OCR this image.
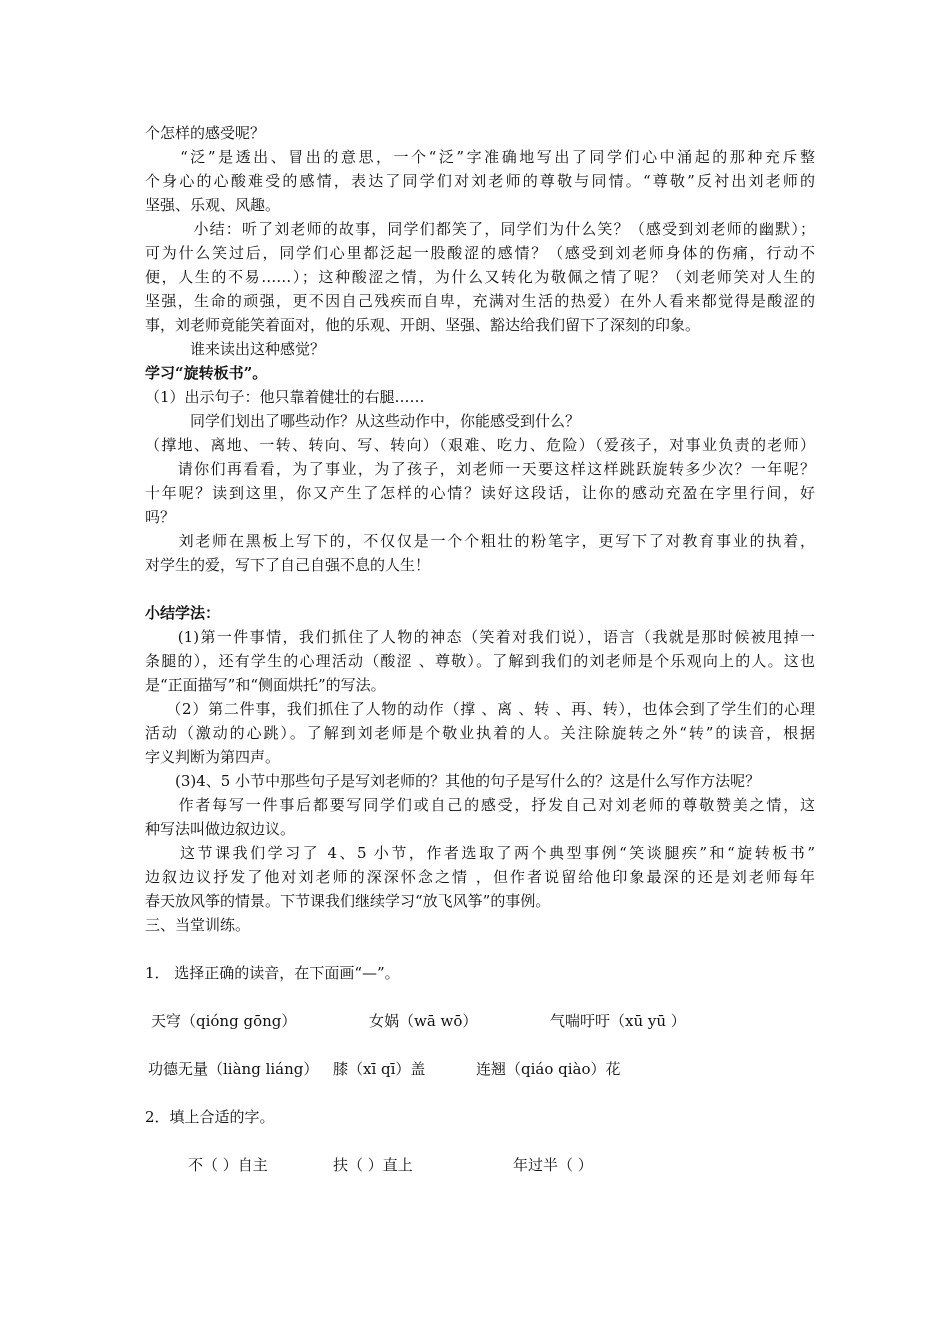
个怎样的感受呢？
　　“泛”是透出、冒出的意思，一个“泛”字准确地写出了同学们心中涌起的那种充斥整
个身心的心酸难受的感情，表达了同学们对刘老师的尊敬与同情。“尊敬”反衬出刘老师的
坚强、乐观、风趣。
　　　小结：听了刘老师的故事，同学们都笑了，同学们为什么笑？（感受到刘老师的幽默）；
可为什么笑过后，同学们心里都泛起一股酸涩的感情？（感受到刘老师身体的伤痛，行动不
便，人生的不易……）；这种酸涩之情，为什么又转化为敬佩之情了呢？（刘老师笑对人生的
坚强，生命的顽强，更不因自己残疾而自卑，充满对生活的热爱）在外人看来都觉得是酸涩的
事，刘老师竟能笑着面对，他的乐观、开朗、坚强、豁达给我们留下了深刻的印象。
　　　谁来读出这种感觉？
学习“旋转板书”。
（1）出示句子：他只靠着健壮的右腿……
　　　同学们划出了哪些动作？从这些动作中，你能感受到什么？
（撑地、离地、一转、转向、写、转向）（艰难、吃力、危险）（爱孩子，对事业负责的老师）
　　请你们再看看，为了事业，为了孩子，刘老师一天要这样这样跳跃旋转多少次？一年呢？
十年呢？读到这里，你又产生了怎样的心情？读好这段话，让你的感动充盈在字里行间，好
吗？
　　刘老师在黑板上写下的，不仅仅是一个个粗壮的粉笔字，更写下了对教育事业的执着，
对学生的爱，写下了自己自强不息的人生！
小结学法：
　　(1)第一件事情，我们抓住了人物的神态（笑着对我们说），语言（我就是那时候被甩掉一
条腿的），还有学生的心理活动（酸涩 、尊敬）。了解到我们的刘老师是个乐观向上的人。这也
是“正面描写”和“侧面烘托”的写法。
　 （2）第二件事，我们抓住了人物的动作（撑 、离 、转 、再、转），也体会到了学生们的心理
活动（激动的心跳）。了解到刘老师是个敬业执着的人。关注除旋转之外“转”的读音，根据
字义判断为第四声。
　　(3)4、5 小节中那些句子是写刘老师的？其他的句子是写什么的？这是什么写作方法呢？
　　作者每写一件事后都要写同学们或自己的感受，抒发自己对刘老师的尊敬赞美之情，这
种写法叫做边叙边议。
　　这节课我们学习了 4、5 小节，作者选取了两个典型事例“笑谈腿疾”和“旋转板书”
边叙边议抒发了他对刘老师的深深怀念之情 ，但作者说留给他印象最深的还是刘老师每年
春天放风筝的情景。下节课我们继续学习“放飞风筝”的事例。
三、当堂训练。
1． 选择正确的读音，在下面画“—”。
天穹（qióng gōng）	女娲（wā wō）	气喘吁吁（xū yū ）
功德无量（liàng liáng） 膝（xī qī）盖	连翘（qiáo qiào）花
2．填上合适的字。
不（ ）自主	扶（ ）直上	年过半（ ）
